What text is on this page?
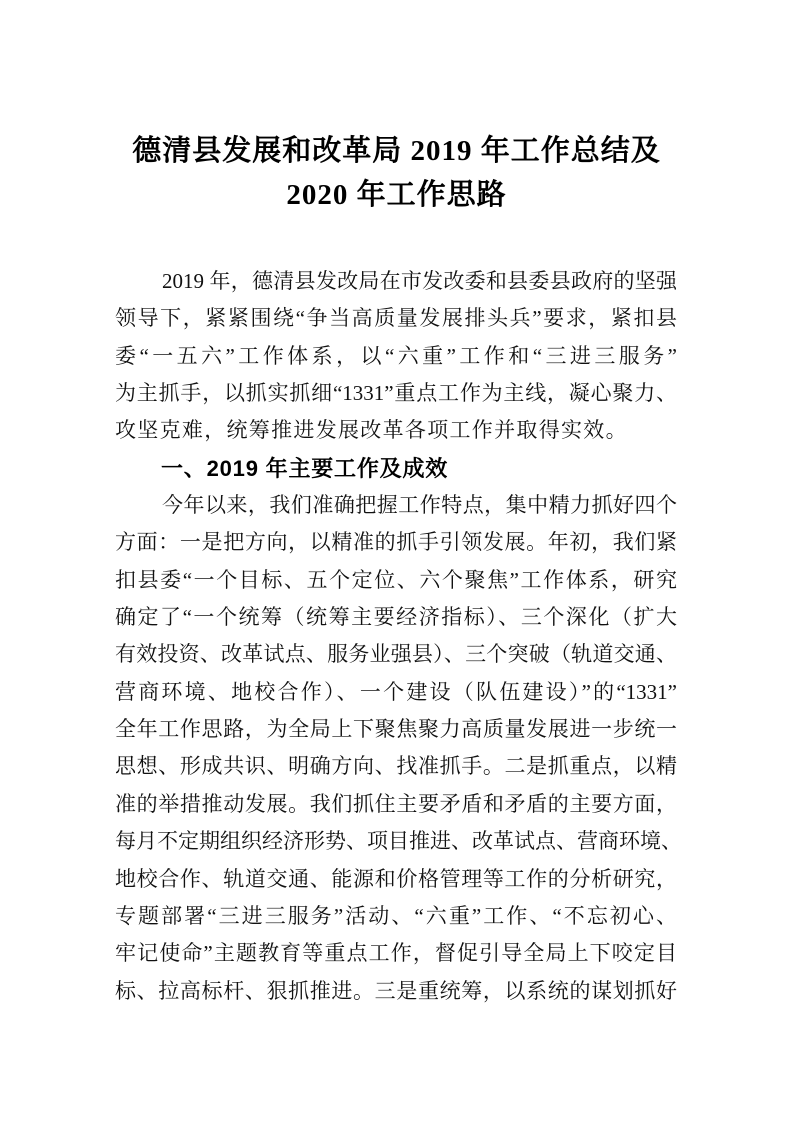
德清县发展和改革局 2019 年工作总结及
2020 年工作思路
2019 年，德清县发改局在市发改委和县委县政府的坚强
领导下，紧紧围绕“争当高质量发展排头兵”要求，紧扣县
委“一五六”工作体系，以“六重”工作和“三进三服务”
为主抓手，以抓实抓细“1331”重点工作为主线，凝心聚力、
攻坚克难，统筹推进发展改革各项工作并取得实效。
一、2019 年主要工作及成效
今年以来，我们准确把握工作特点，集中精力抓好四个
方面：一是把方向，以精准的抓手引领发展。年初，我们紧
扣县委“一个目标、五个定位、六个聚焦”工作体系，研究
确定了“一个统筹（统筹主要经济指标）、三个深化（扩大
有效投资、改革试点、服务业强县）、三个突破（轨道交通、
营商环境、地校合作）、一个建设（队伍建设）”的“1331”
全年工作思路，为全局上下聚焦聚力高质量发展进一步统一
思想、形成共识、明确方向、找准抓手。二是抓重点，以精
准的举措推动发展。我们抓住主要矛盾和矛盾的主要方面，
每月不定期组织经济形势、项目推进、改革试点、营商环境、
地校合作、轨道交通、能源和价格管理等工作的分析研究，
专题部署“三进三服务”活动、“六重”工作、“不忘初心、
牢记使命”主题教育等重点工作，督促引导全局上下咬定目
标、拉高标杆、狠抓推进。三是重统筹，以系统的谋划抓好
